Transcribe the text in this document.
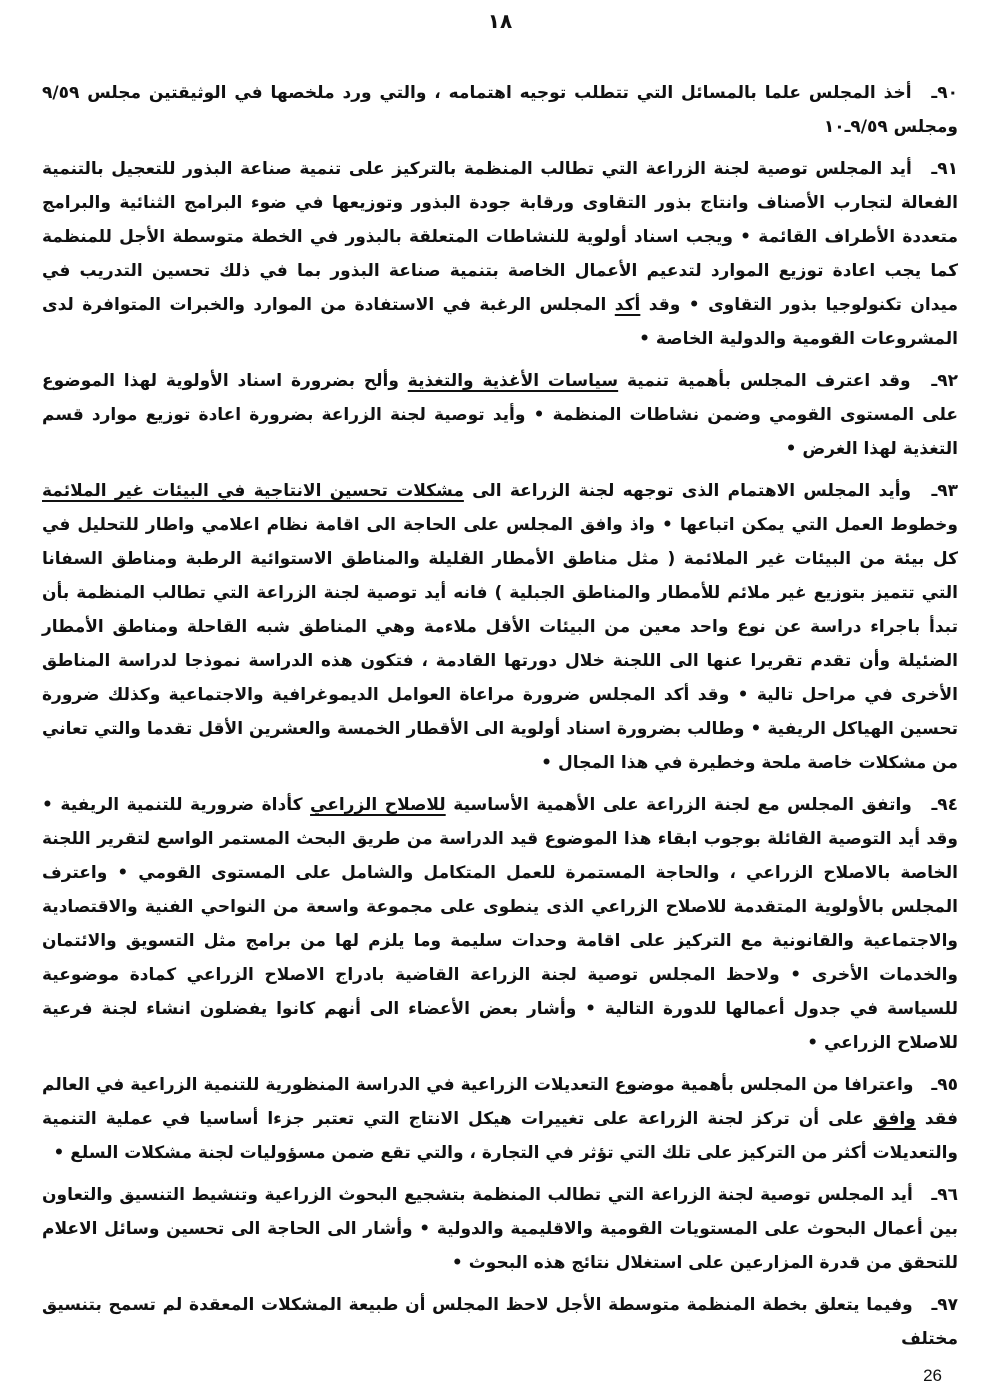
١٨

٩٠ـ أخذ المجلس علما بالمسائل التي تتطلب توجيه اهتمامه ، والتي ورد ملخصها في الوثيقتين مجلس ٩/٥٩ ومجلس ٩/٥٩ـ١٠

٩١ـ أيد المجلس توصية لجنة الزراعة التي تطالب المنظمة بالتركيز على تنمية صناعة البذور للتعجيل بالتنمية الفعالة لتجارب الأصناف وانتاج بذور التقاوى ورقابة جودة البذور وتوزيعها في ضوء البرامج الثنائية والبرامج متعددة الأطراف القائمة • ويجب اسناد أولوية للنشاطات المتعلقة بالبذور في الخطة متوسطة الأجل للمنظمة كما يجب اعادة توزيع الموارد لتدعيم الأعمال الخاصة بتنمية صناعة البذور بما في ذلك تحسين التدريب في ميدان تكنولوجيا بذور التقاوى • وقد أكد المجلس الرغبة في الاستفادة من الموارد والخبرات المتوافرة لدى المشروعات القومية والدولية الخاصة •

٩٢ـ وقد اعترف المجلس بأهمية تنمية سياسات الأغذية والتغذية وألح بضرورة اسناد الأولوية لهذا الموضوع على المستوى القومي وضمن نشاطات المنظمة • وأيد توصية لجنة الزراعة بضرورة اعادة توزيع موارد قسم التغذية لهذا الغرض •

٩٣ـ وأيد المجلس الاهتمام الذى توجهه لجنة الزراعة الى مشكلات تحسين الانتاجية في البيئات غير الملائمة وخطوط العمل التي يمكن اتباعها • واذ وافق المجلس على الحاجة الى اقامة نظام اعلامي واطار للتحليل في كل بيئة من البيئات غير الملائمة ( مثل مناطق الأمطار القليلة والمناطق الاستوائية الرطبة ومناطق السفانا التي تتميز بتوزيع غير ملائم للأمطار والمناطق الجبلية ) فانه أيد توصية لجنة الزراعة التي تطالب المنظمة بأن تبدأ باجراء دراسة عن نوع واحد معين من البيئات الأقل ملاءمة وهي المناطق شبه القاحلة ومناطق الأمطار الضئيلة وأن تقدم تقريرا عنها الى اللجنة خلال دورتها القادمة ، فتكون هذه الدراسة نموذجا لدراسة المناطق الأخرى في مراحل تالية • وقد أكد المجلس ضرورة مراعاة العوامل الديموغرافية والاجتماعية وكذلك ضرورة تحسين الهياكل الريفية • وطالب بضرورة اسناد أولوية الى الأقطار الخمسة والعشرين الأقل تقدما والتي تعاني من مشكلات خاصة ملحة وخطيرة في هذا المجال •

٩٤ـ واتفق المجلس مع لجنة الزراعة على الأهمية الأساسية للاصلاح الزراعي كأداة ضرورية للتنمية الريفية • وقد أيد التوصية القائلة بوجوب ابقاء هذا الموضوع قيد الدراسة من طريق البحث المستمر الواسع لتقرير اللجنة الخاصة بالاصلاح الزراعي ، والحاجة المستمرة للعمل المتكامل والشامل على المستوى القومي • واعترف المجلس بالأولوية المتقدمة للاصلاح الزراعي الذى ينطوى على مجموعة واسعة من النواحي الفنية والاقتصادية والاجتماعية والقانونية مع التركيز على اقامة وحدات سليمة وما يلزم لها من برامج مثل التسويق والائتمان والخدمات الأخرى • ولاحظ المجلس توصية لجنة الزراعة القاضية بادراج الاصلاح الزراعي كمادة موضوعية للسياسة في جدول أعمالها للدورة التالية • وأشار بعض الأعضاء الى أنهم كانوا يفضلون انشاء لجنة فرعية للاصلاح الزراعي •

٩٥ـ واعترافا من المجلس بأهمية موضوع التعديلات الزراعية في الدراسة المنظورية للتنمية الزراعية في العالم فقد وافق على أن تركز لجنة الزراعة على تغييرات هيكل الانتاج التي تعتبر جزءا أساسيا في عملية التنمية والتعديلات أكثر من التركيز على تلك التي تؤثر في التجارة ، والتي تقع ضمن مسؤوليات لجنة مشكلات السلع •

٩٦ـ أيد المجلس توصية لجنة الزراعة التي تطالب المنظمة بتشجيع البحوث الزراعية وتنشيط التنسيق والتعاون بين أعمال البحوث على المستويات القومية والاقليمية والدولية • وأشار الى الحاجة الى تحسين وسائل الاعلام للتحقق من قدرة المزارعين على استغلال نتائج هذه البحوث •

٩٧ـ وفيما يتعلق بخطة المنظمة متوسطة الأجل لاحظ المجلس أن طبيعة المشكلات المعقدة لم تسمح بتنسيق مختلف

26
